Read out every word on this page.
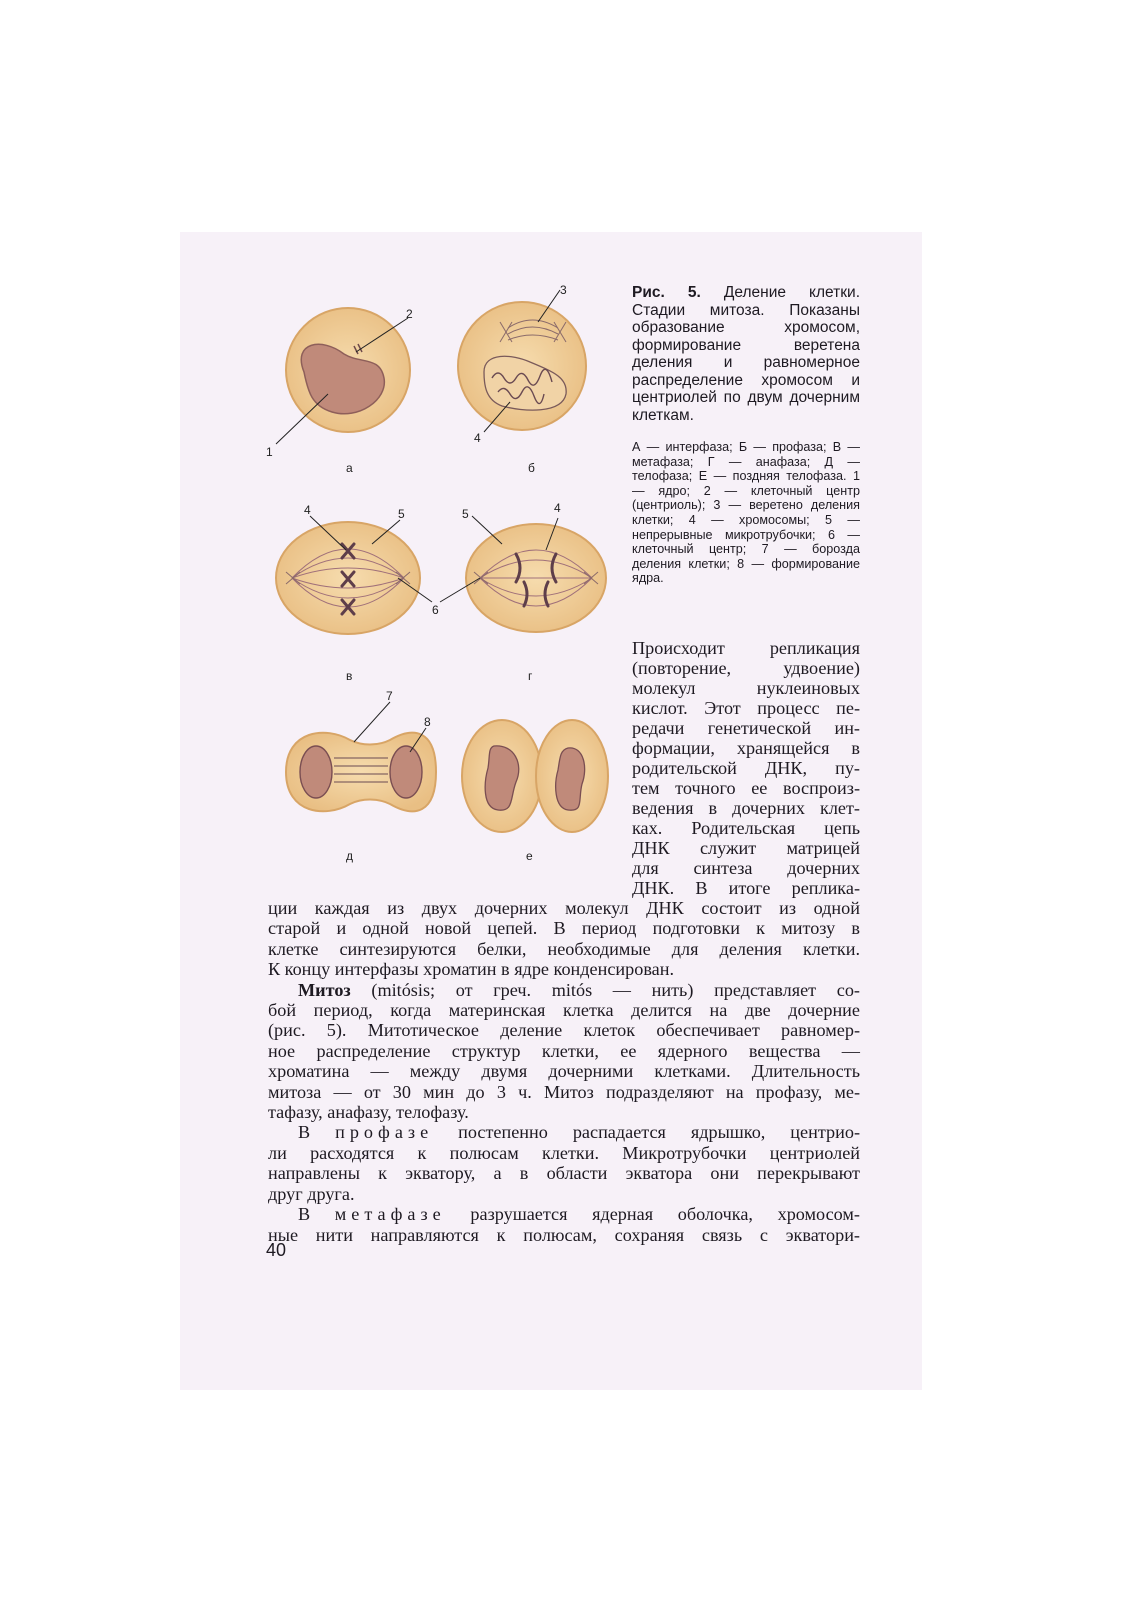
а	б
в	г
д	е
1
2
3
4
4	5	5	4
6
7
8
Рис. 5. Деление клетки. Стадии митоза. Показаны образование хромосом, формирование веретена деления и равномерное распределение хромосом и центриолей по двум дочерним клеткам.
А — интерфаза; Б — профаза; В — метафаза; Г — анафаза; Д — телофаза; Е — поздняя телофаза. 1 — ядро; 2 — клеточный центр (центриоль); 3 — веретено деления клетки; 4 — хромосомы; 5 — непрерывные микротрубочки; 6 — клеточный центр; 7 — борозда деления клетки; 8 — формирование ядра.
Происходит репликация
(повторение, удвоение)
молекул нуклеиновых
кислот. Этот процесс пе-
редачи генетической ин-
формации, хранящейся в
родительской ДНК, пу-
тем точного ее воспроиз-
ведения в дочерних клет-
ках. Родительская цепь
ДНК служит матрицей
для синтеза дочерних
ДНК. В итоге реплика-

ции каждая из двух дочерних молекул ДНК состоит из одной
старой и одной новой цепей. В период подготовки к митозу в
клетке синтезируются белки, необходимые для деления клетки.
К концу интерфазы хроматин в ядре конденсирован.

Митоз (mitósis; от греч. mitós — нить) представляет со-
бой период, когда материнская клетка делится на две дочерние
(рис. 5). Митотическое деление клеток обеспечивает равномер-
ное распределение структур клетки, ее ядерного вещества —
хроматина — между двумя дочерними клетками. Длительность
митоза — от 30 мин до 3 ч. Митоз подразделяют на профазу, ме-
тафазу, анафазу, телофазу.

В профазе постепенно распадается ядрышко, центрио-
ли расходятся к полюсам клетки. Микротрубочки центриолей
направлены к экватору, а в области экватора они перекрывают
друг друга.

В метафазе разрушается ядерная оболочка, хромосом-
ные нити направляются к полюсам, сохраняя связь с экватори-

40
